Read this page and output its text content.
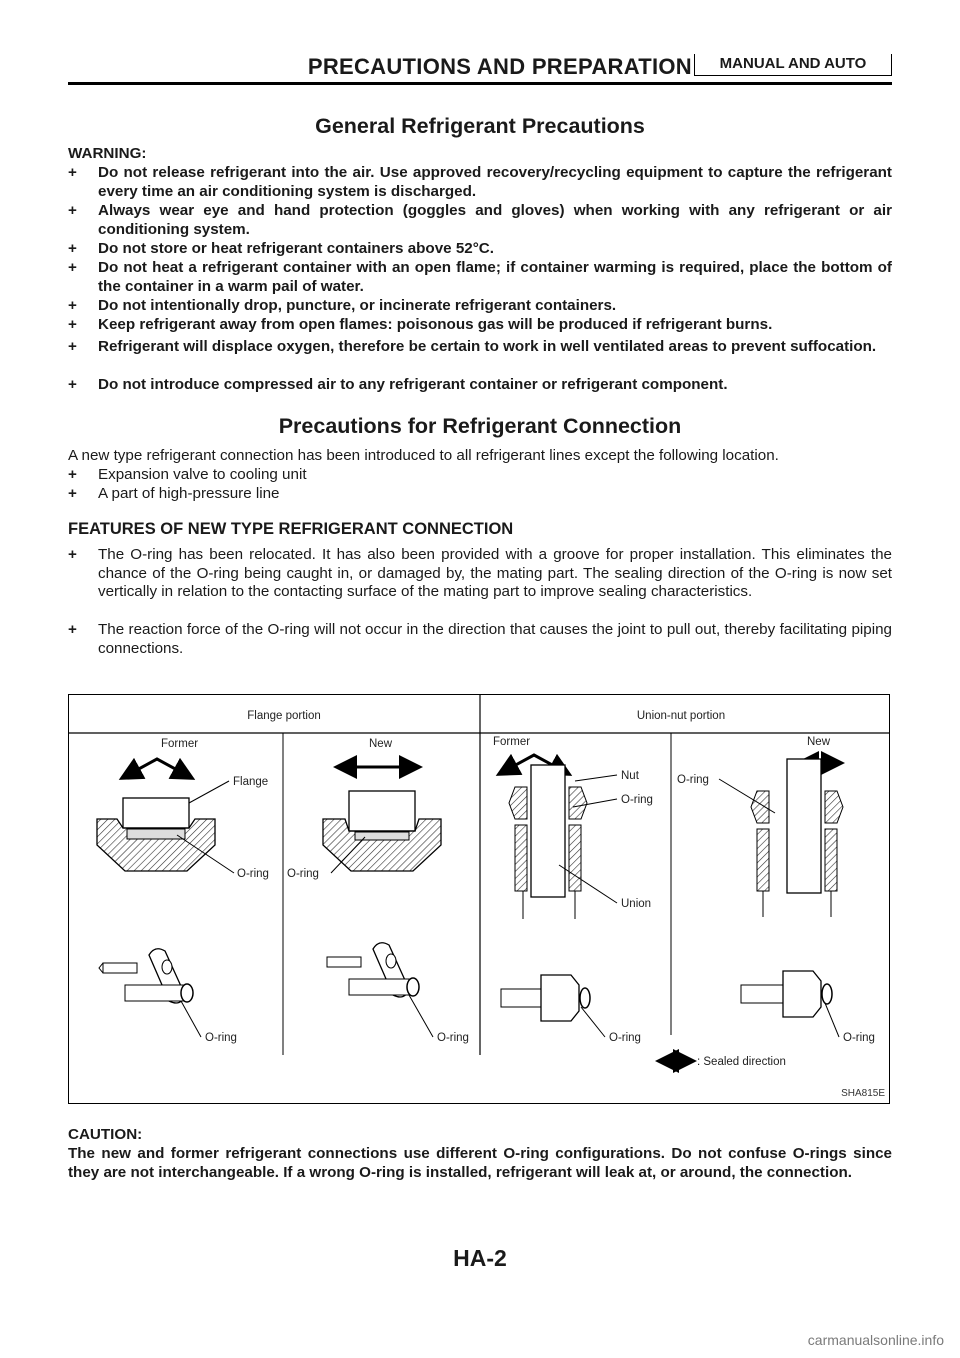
PRECAUTIONS AND PREPARATION	MANUAL AND AUTO
General Refrigerant Precautions
WARNING:
+ Do not release refrigerant into the air. Use approved recovery/recycling equipment to capture the refrigerant every time an air conditioning system is discharged.
+ Always wear eye and hand protection (goggles and gloves) when working with any refrigerant or air conditioning system.
+ Do not store or heat refrigerant containers above 52°C.
+ Do not heat a refrigerant container with an open flame; if container warming is required, place the bottom of the container in a warm pail of water.
+ Do not intentionally drop, puncture, or incinerate refrigerant containers.
+ Keep refrigerant away from open flames: poisonous gas will be produced if refrigerant burns.
+ Refrigerant will displace oxygen, therefore be certain to work in well ventilated areas to prevent suffocation.
+ Do not introduce compressed air to any refrigerant container or refrigerant component.
Precautions for Refrigerant Connection
A new type refrigerant connection has been introduced to all refrigerant lines except the following location.
+ Expansion valve to cooling unit
+ A part of high-pressure line
FEATURES OF NEW TYPE REFRIGERANT CONNECTION
+ The O-ring has been relocated. It has also been provided with a groove for proper installation. This eliminates the chance of the O-ring being caught in, or damaged by, the mating part. The sealing direction of the O-ring is now set vertically in relation to the contacting surface of the mating part to improve sealing characteristics.
+ The reaction force of the O-ring will not occur in the direction that causes the joint to pull out, thereby facilitating piping connections.
Flange portion	Union-nut portion
Former
Flange
O-ring
O-ring
New
O-ring
O-ring
Former
Nut
O-ring
Union
O-ring
New
O-ring
O-ring
: Sealed direction
SHA815E
CAUTION:
The new and former refrigerant connections use different O-ring configurations. Do not confuse O-rings since they are not interchangeable. If a wrong O-ring is installed, refrigerant will leak at, or around, the connection.
HA-2
carmanualsonline.info
